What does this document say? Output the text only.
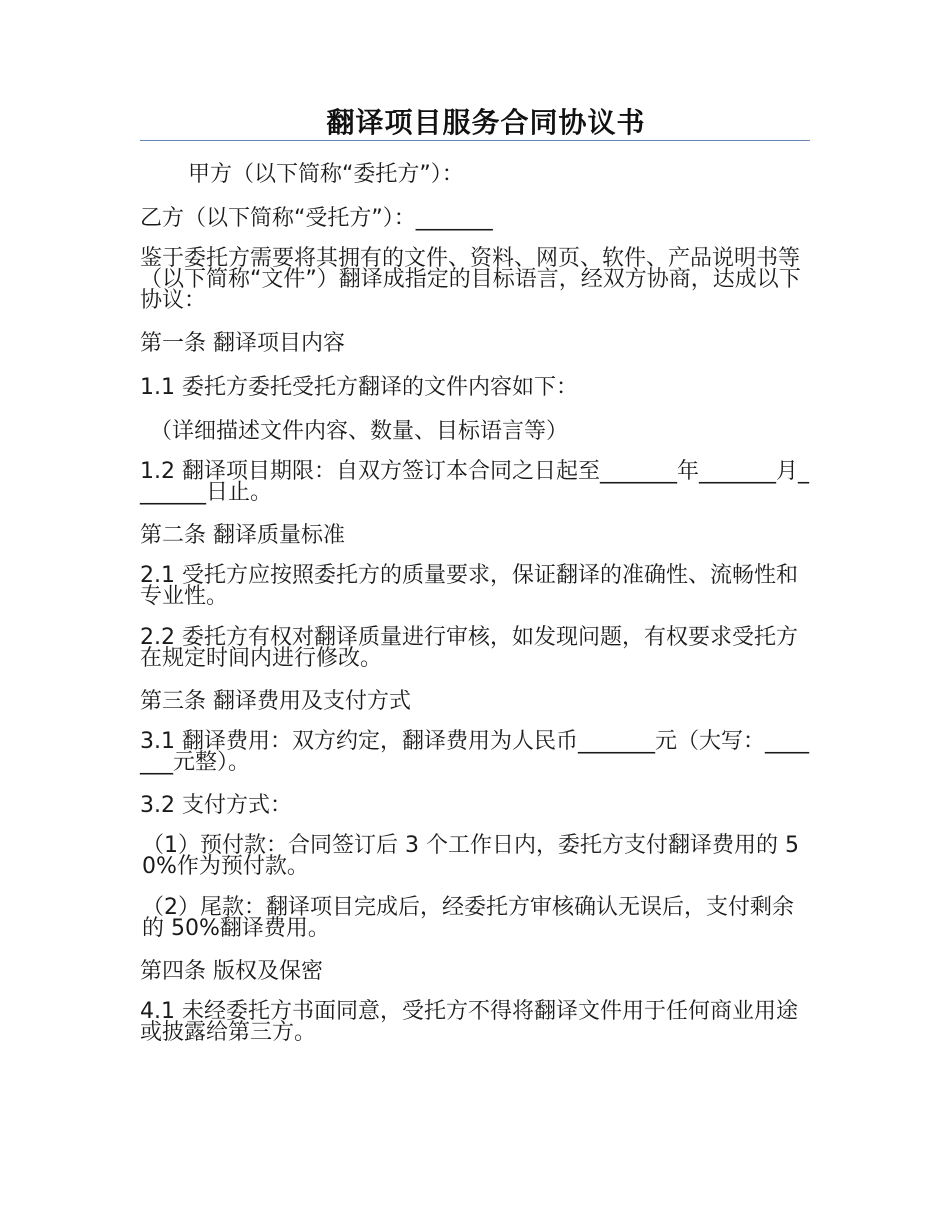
翻译项目服务合同协议书

甲方（以下简称“委托方”）：

乙方（以下简称“受托方”）：_______

鉴于委托方需要将其拥有的文件、资料、网页、软件、产品说明书等（以下简称“文件”）翻译成指定的目标语言，经双方协商，达成以下协议：

第一条 翻译项目内容

1.1 委托方委托受托方翻译的文件内容如下：

（详细描述文件内容、数量、目标语言等）

1.2 翻译项目期限：自双方签订本合同之日起至_______年_______月_______日止。

第二条 翻译质量标准

2.1 受托方应按照委托方的质量要求，保证翻译的准确性、流畅性和专业性。

2.2 委托方有权对翻译质量进行审核，如发现问题，有权要求受托方在规定时间内进行修改。

第三条 翻译费用及支付方式

3.1 翻译费用：双方约定，翻译费用为人民币_______元（大写：_______元整）。

3.2 支付方式：

（1）预付款：合同签订后 3 个工作日内，委托方支付翻译费用的 50%作为预付款。

（2）尾款：翻译项目完成后，经委托方审核确认无误后，支付剩余的 50%翻译费用。

第四条 版权及保密

4.1 未经委托方书面同意，受托方不得将翻译文件用于任何商业用途或披露给第三方。
